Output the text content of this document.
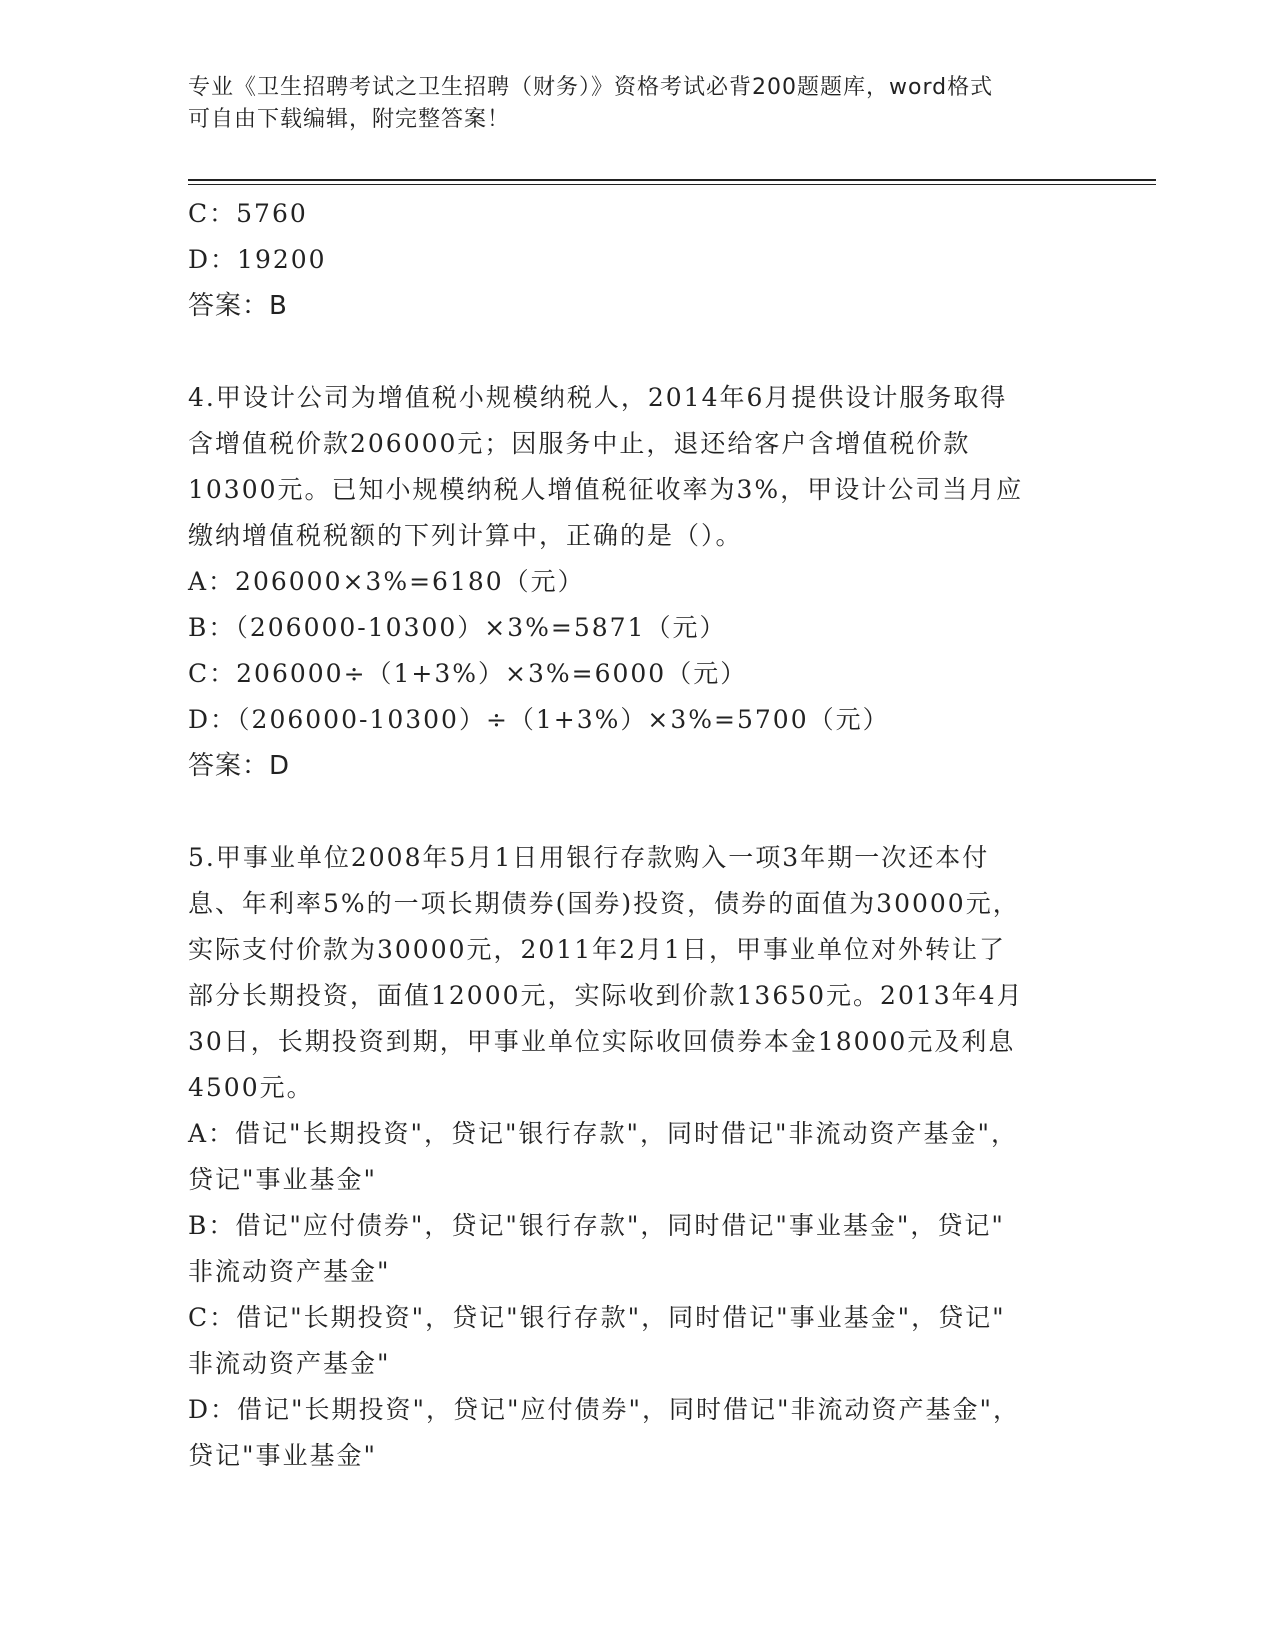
专业《卫生招聘考试之卫生招聘（财务）》资格考试必背200题题库，word格式
可自由下载编辑，附完整答案！

C：5760

D：19200

答案：B

4.甲设计公司为增值税小规模纳税人，2014年6月提供设计服务取得

含增值税价款206000元；因服务中止，退还给客户含增值税价款

10300元。已知小规模纳税人增值税征收率为3%，甲设计公司当月应

缴纳增值税税额的下列计算中，正确的是（）。

A：206000×3%=6180（元）

B：（206000-10300）×3%=5871（元）

C：206000÷（1+3%）×3%=6000（元）

D：（206000-10300）÷（1+3%）×3%=5700（元）

答案：D

5.甲事业单位2008年5月1日用银行存款购入一项3年期一次还本付

息、年利率5%的一项长期债券(国券)投资，债券的面值为30000元，

实际支付价款为30000元，2011年2月1日，甲事业单位对外转让了

部分长期投资，面值12000元，实际收到价款13650元。2013年4月

30日，长期投资到期，甲事业单位实际收回债券本金18000元及利息

4500元。

A：借记"长期投资"，贷记"银行存款"，同时借记"非流动资产基金"，

贷记"事业基金"

B：借记"应付债券"，贷记"银行存款"，同时借记"事业基金"，贷记"

非流动资产基金"

C：借记"长期投资"，贷记"银行存款"，同时借记"事业基金"，贷记"

非流动资产基金"

D：借记"长期投资"，贷记"应付债券"，同时借记"非流动资产基金"，

贷记"事业基金"
